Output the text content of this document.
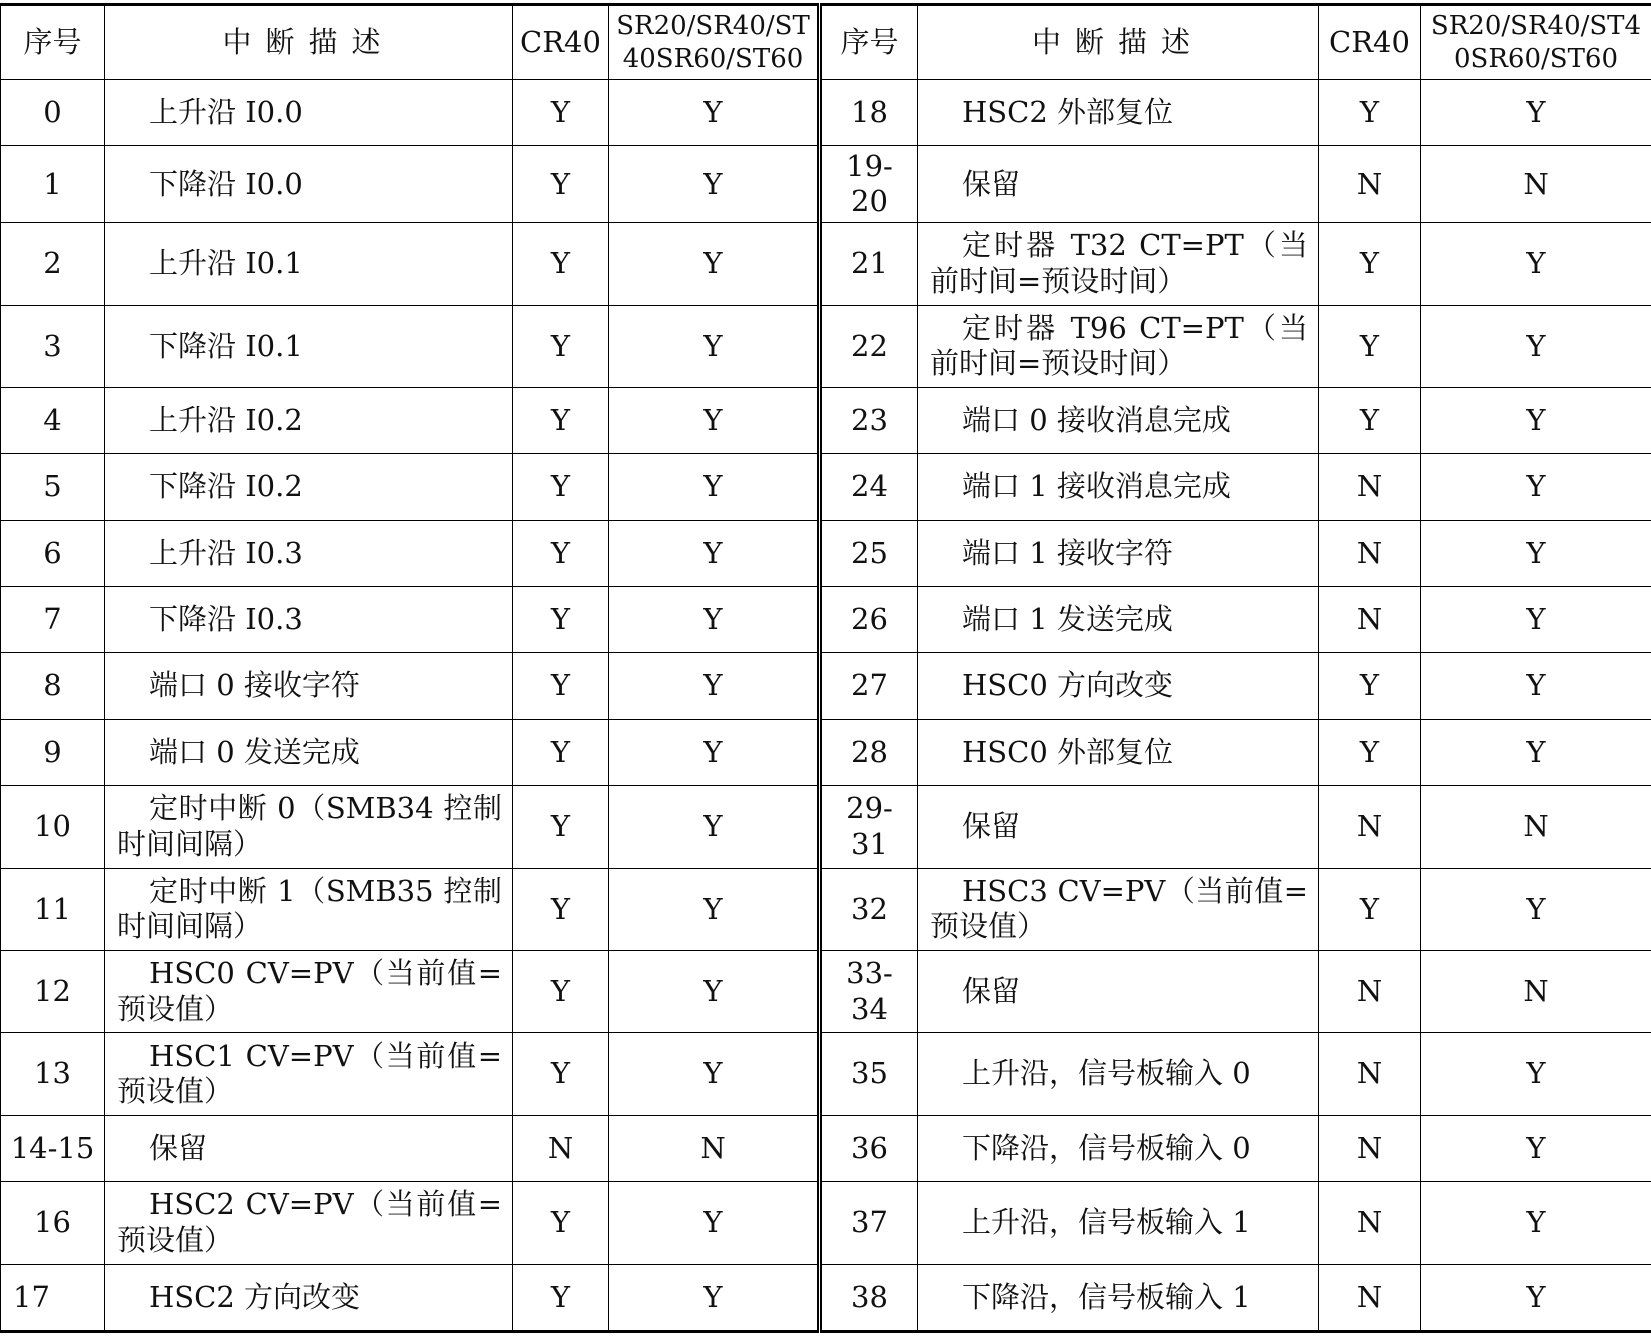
序号	中断描述	CR40	SR20/SR40/ST40SR60/ST60	序号	中断描述	CR40	SR20/SR40/ST40SR60/ST60
0	上升沿 I0.0	Y	Y	18	HSC2 外部复位	Y	Y
1	下降沿 I0.0	Y	Y	19-20	保留	N	N
2	上升沿 I0.1	Y	Y	21	定时器 T32 CT=PT（当前时间=预设时间）	Y	Y
3	下降沿 I0.1	Y	Y	22	定时器 T96 CT=PT（当前时间=预设时间）	Y	Y
4	上升沿 I0.2	Y	Y	23	端口 0 接收消息完成	Y	Y
5	下降沿 I0.2	Y	Y	24	端口 1 接收消息完成	N	Y
6	上升沿 I0.3	Y	Y	25	端口 1 接收字符	N	Y
7	下降沿 I0.3	Y	Y	26	端口 1 发送完成	N	Y
8	端口 0 接收字符	Y	Y	27	HSC0 方向改变	Y	Y
9	端口 0 发送完成	Y	Y	28	HSC0 外部复位	Y	Y
10	定时中断 0（SMB34 控制时间间隔）	Y	Y	29-31	保留	N	N
11	定时中断 1（SMB35 控制时间间隔）	Y	Y	32	HSC3 CV=PV（当前值=预设值）	Y	Y
12	HSC0 CV=PV（当前值=预设值）	Y	Y	33-34	保留	N	N
13	HSC1 CV=PV（当前值=预设值）	Y	Y	35	上升沿，信号板输入 0	N	Y
14-15	保留	N	N	36	下降沿，信号板输入 0	N	Y
16	HSC2 CV=PV（当前值=预设值）	Y	Y	37	上升沿，信号板输入 1	N	Y
17	HSC2 方向改变	Y	Y	38	下降沿，信号板输入 1	N	Y
